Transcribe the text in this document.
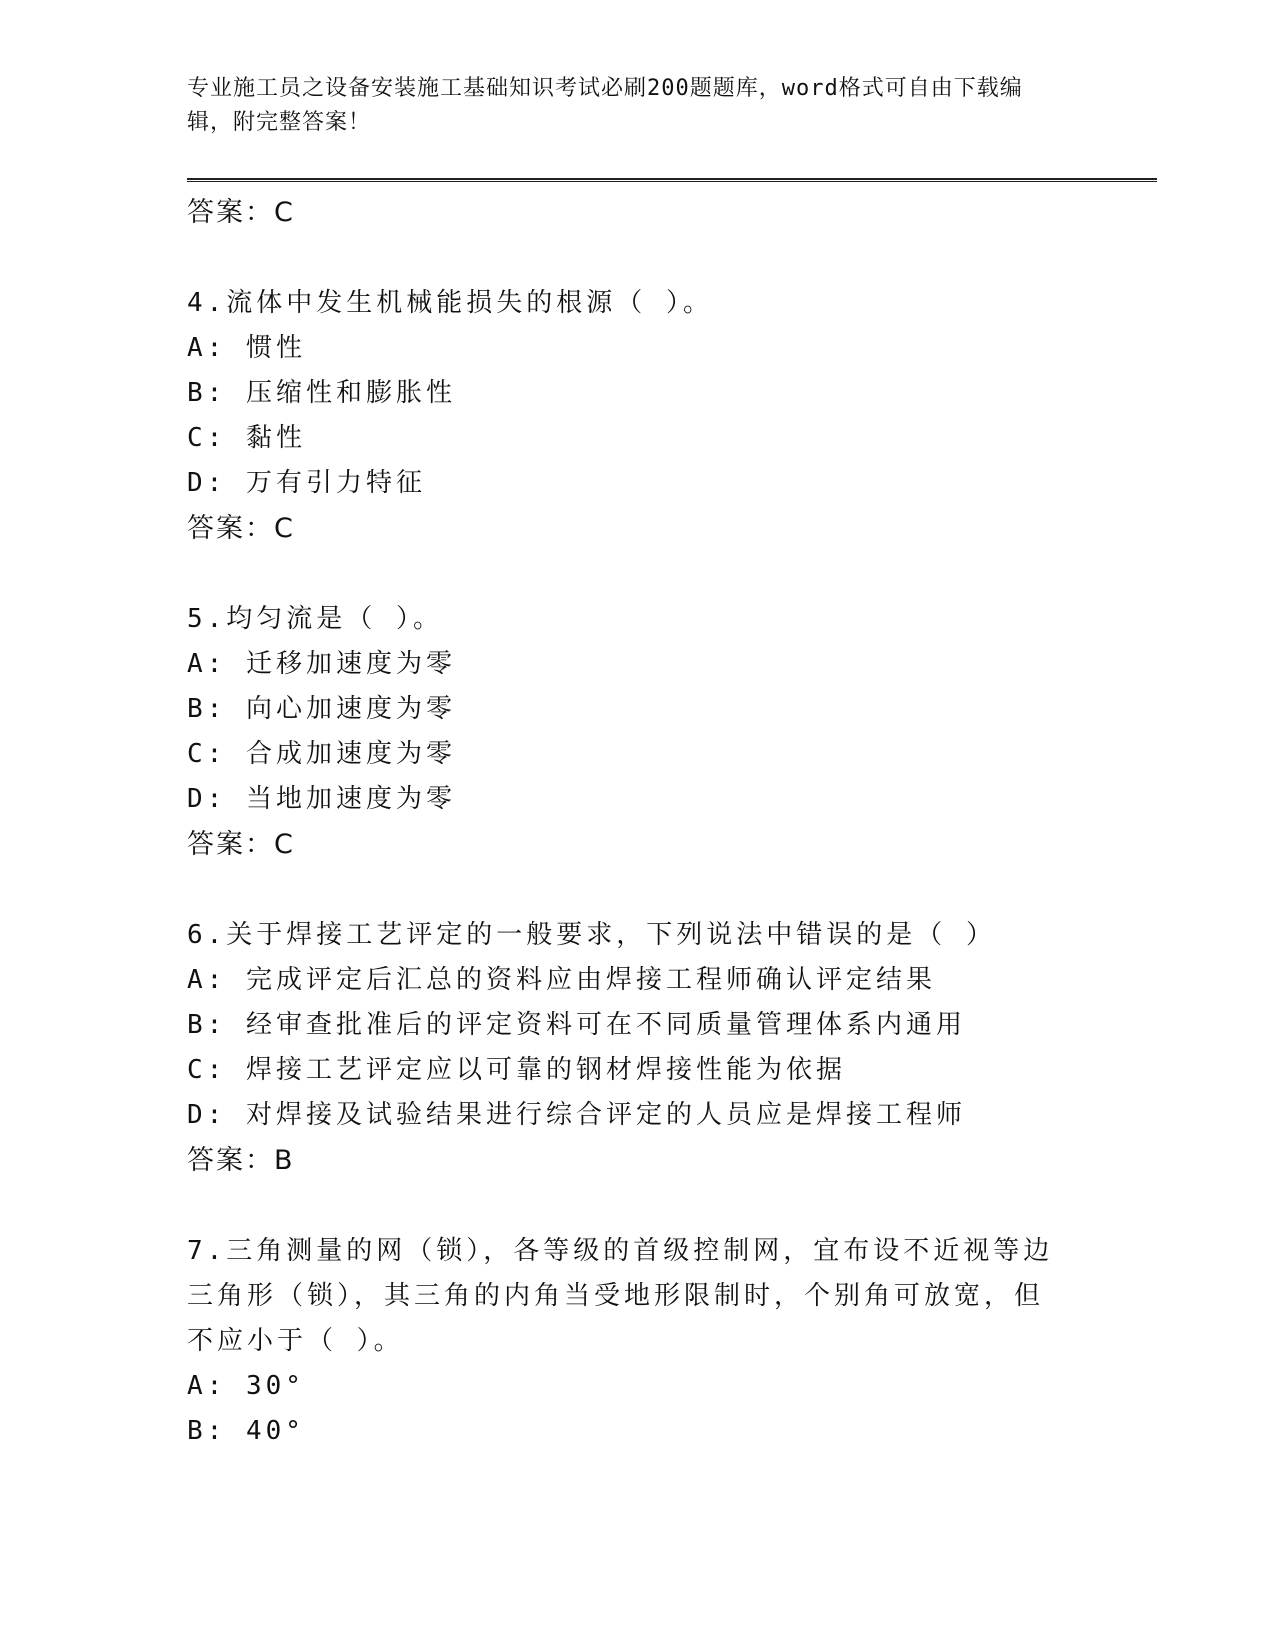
专业施工员之设备安装施工基础知识考试必刷200题题库，word格式可自由下载编辑，附完整答案！
答案：C
4.流体中发生机械能损失的根源（ ）。
A: 惯性
B: 压缩性和膨胀性
C: 黏性
D: 万有引力特征
答案：C
5.均匀流是（ ）。
A: 迁移加速度为零
B: 向心加速度为零
C: 合成加速度为零
D: 当地加速度为零
答案：C
6.关于焊接工艺评定的一般要求，下列说法中错误的是（ ）
A: 完成评定后汇总的资料应由焊接工程师确认评定结果
B: 经审查批准后的评定资料可在不同质量管理体系内通用
C: 焊接工艺评定应以可靠的钢材焊接性能为依据
D: 对焊接及试验结果进行综合评定的人员应是焊接工程师
答案：B
7.三角测量的网（锁），各等级的首级控制网，宜布设不近视等边三角形（锁），其三角的内角当受地形限制时，个别角可放宽，但不应小于（ ）。
A: 30°
B: 40°
